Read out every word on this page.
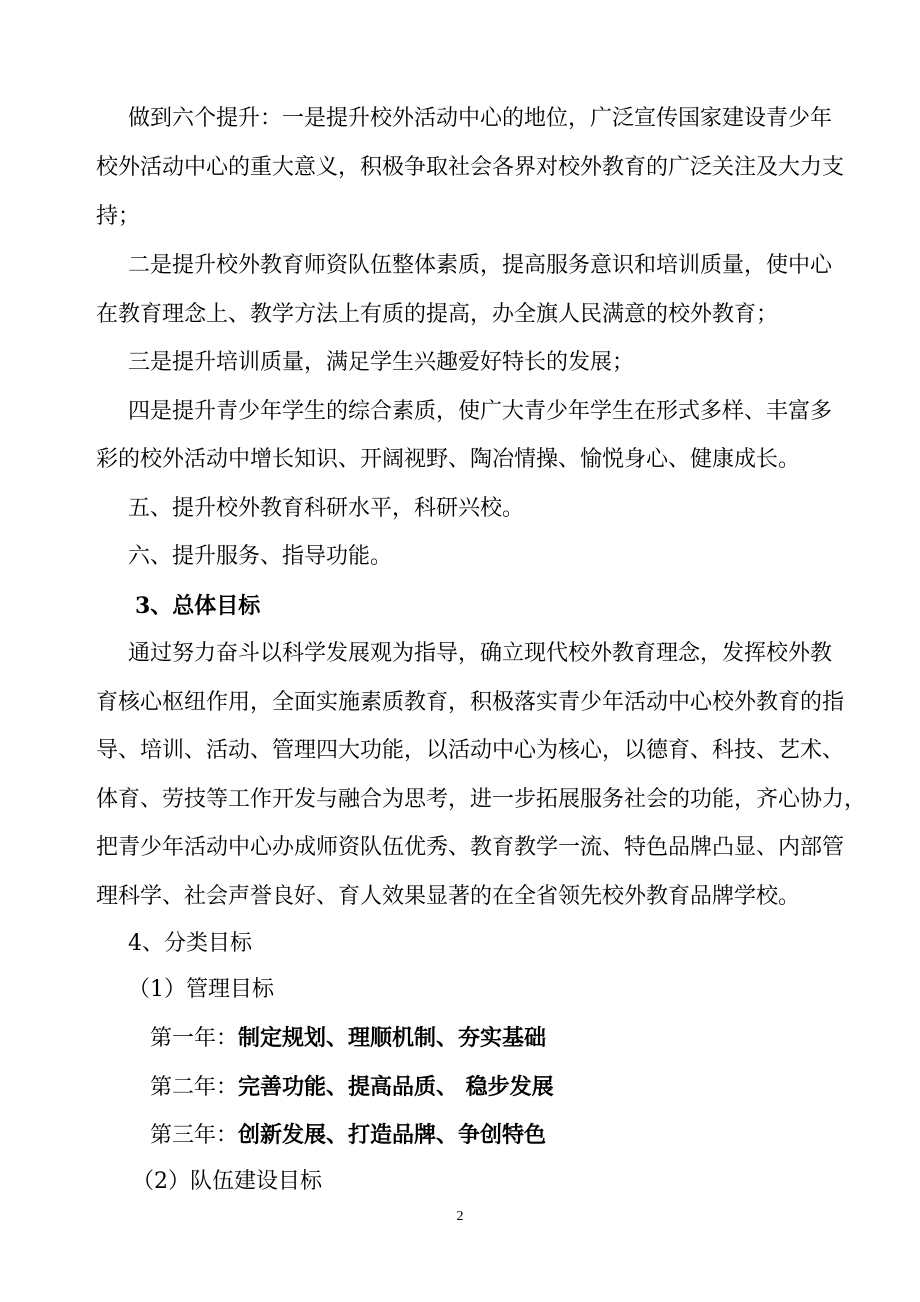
做到六个提升：一是提升校外活动中心的地位，广泛宣传国家建设青少年
校外活动中心的重大意义，积极争取社会各界对校外教育的广泛关注及大力支
持；
二是提升校外教育师资队伍整体素质，提高服务意识和培训质量，使中心
在教育理念上、教学方法上有质的提高，办全旗人民满意的校外教育；
三是提升培训质量，满足学生兴趣爱好特长的发展；
四是提升青少年学生的综合素质，使广大青少年学生在形式多样、丰富多
彩的校外活动中增长知识、开阔视野、陶冶情操、愉悦身心、健康成长。
五、提升校外教育科研水平，科研兴校。
六、提升服务、指导功能。
3、总体目标
通过努力奋斗以科学发展观为指导，确立现代校外教育理念，发挥校外教
育核心枢纽作用，全面实施素质教育，积极落实青少年活动中心校外教育的指
导、培训、活动、管理四大功能，以活动中心为核心，以德育、科技、艺术、
体育、劳技等工作开发与融合为思考，进一步拓展服务社会的功能，齐心协力，
把青少年活动中心办成师资队伍优秀、教育教学一流、特色品牌凸显、内部管
理科学、社会声誉良好、育人效果显著的在全省领先校外教育品牌学校。
4、分类目标
（1）管理目标
第一年：制定规划、理顺机制、夯实基础
第二年：完善功能、提高品质、 稳步发展
第三年：创新发展、打造品牌、争创特色
（2）队伍建设目标
2
